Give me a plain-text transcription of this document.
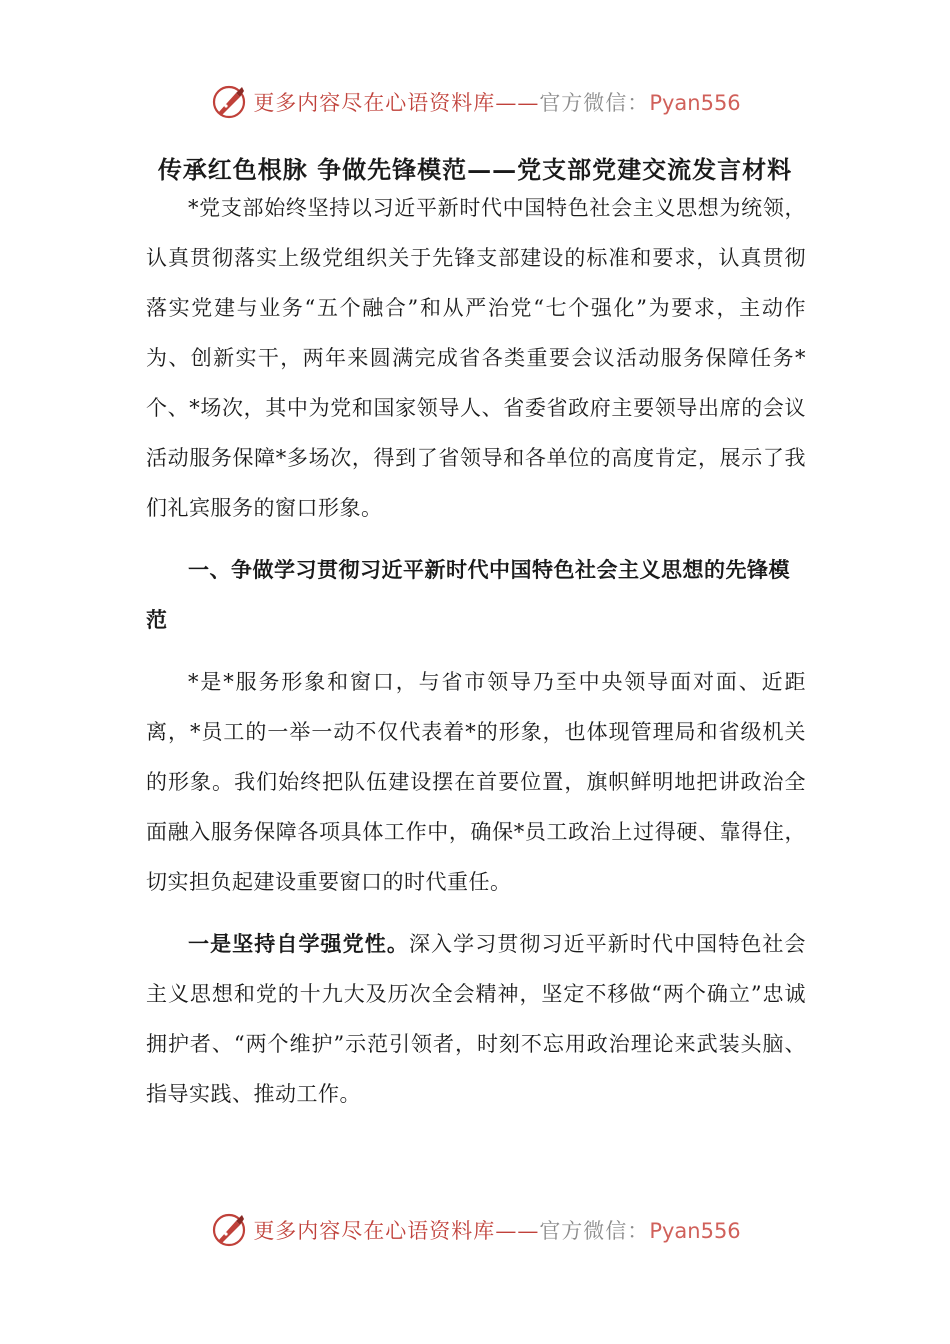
更多内容尽在心语资料库——官方微信：Pyan556
传承红色根脉 争做先锋模范——党支部党建交流发言材料

*党支部始终坚持以习近平新时代中国特色社会主义思想为统领，认真贯彻落实上级党组织关于先锋支部建设的标准和要求，认真贯彻落实党建与业务“五个融合”和从严治党“七个强化”为要求，主动作为、创新实干，两年来圆满完成省各类重要会议活动服务保障任务*个、*场次，其中为党和国家领导人、省委省政府主要领导出席的会议活动服务保障*多场次，得到了省领导和各单位的高度肯定，展示了我们礼宾服务的窗口形象。

一、争做学习贯彻习近平新时代中国特色社会主义思想的先锋模范

*是*服务形象和窗口，与省市领导乃至中央领导面对面、近距离，*员工的一举一动不仅代表着*的形象，也体现管理局和省级机关的形象。我们始终把队伍建设摆在首要位置，旗帜鲜明地把讲政治全面融入服务保障各项具体工作中，确保*员工政治上过得硬、靠得住，切实担负起建设重要窗口的时代重任。

一是坚持自学强党性。深入学习贯彻习近平新时代中国特色社会主义思想和党的十九大及历次全会精神，坚定不移做“两个确立”忠诚拥护者、“两个维护”示范引领者，时刻不忘用政治理论来武装头脑、指导实践、推动工作。

更多内容尽在心语资料库——官方微信：Pyan556
